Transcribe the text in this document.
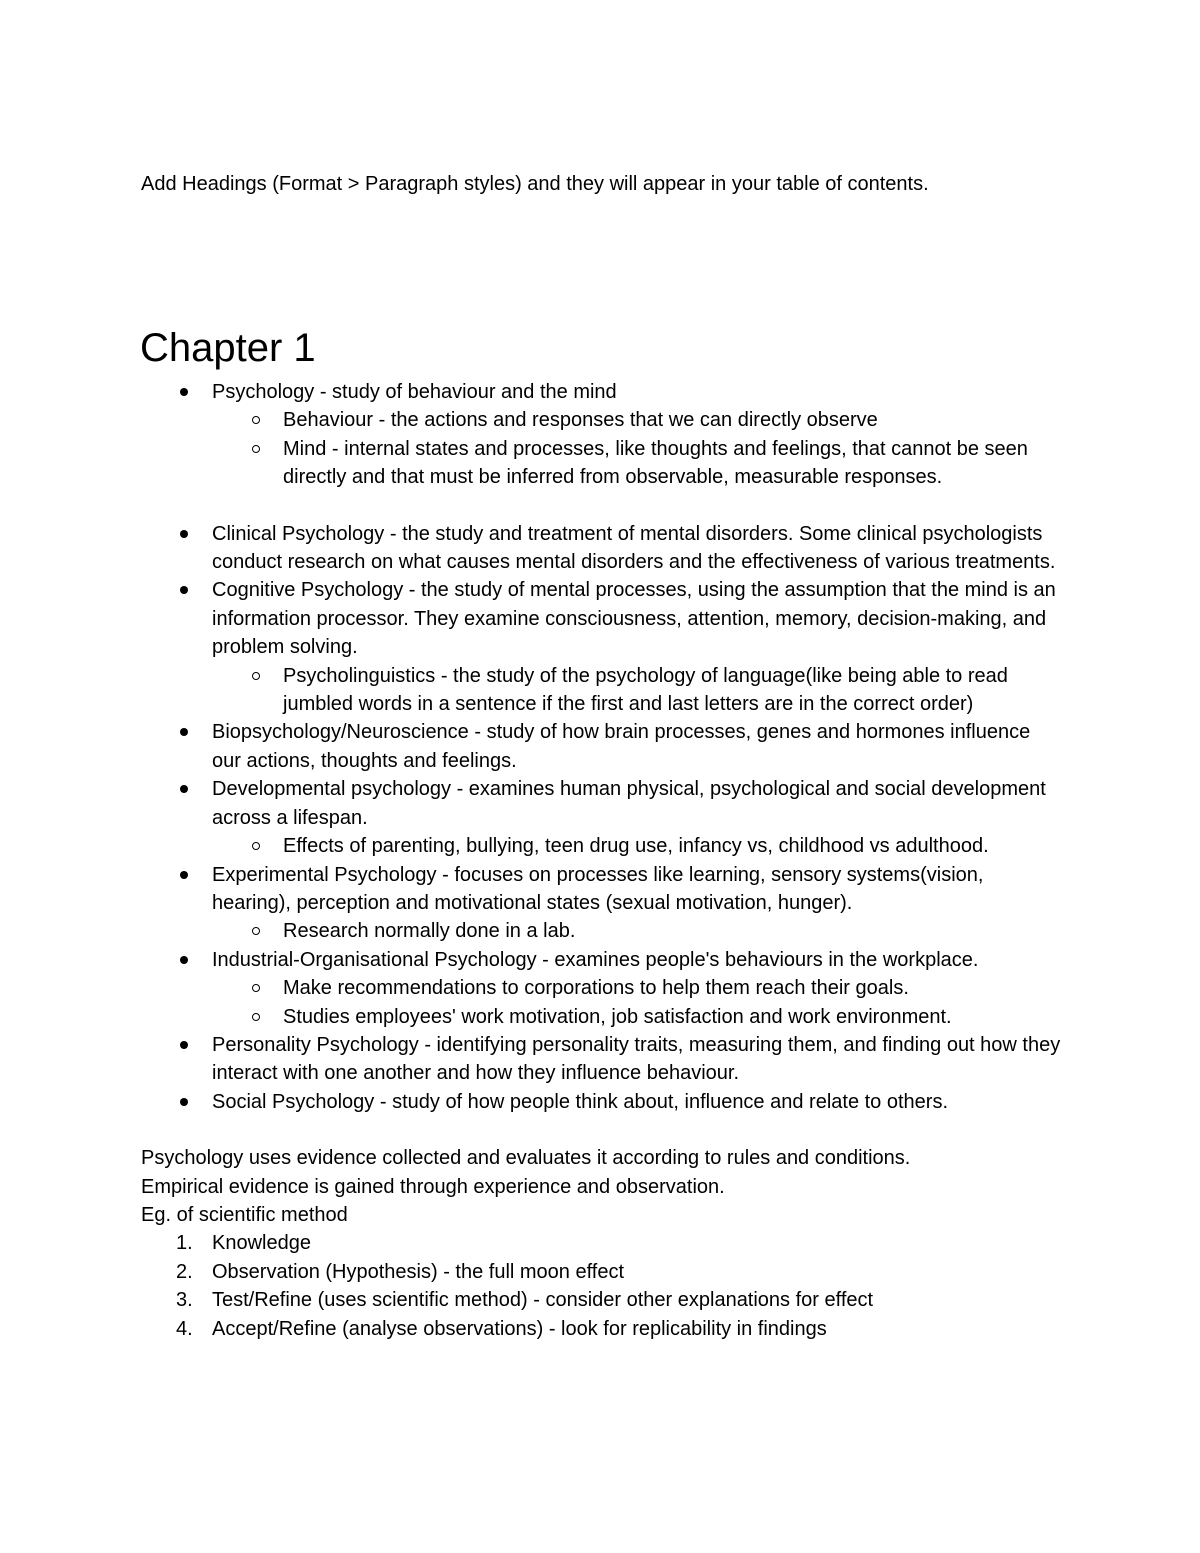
Add Headings (Format > Paragraph styles) and they will appear in your table of contents.
Chapter 1
Psychology - study of behaviour and the mind
Behaviour - the actions and responses that we can directly observe
Mind - internal states and processes, like thoughts and feelings, that cannot be seen directly and that must be inferred from observable, measurable responses.
Clinical Psychology - the study and treatment of mental disorders. Some clinical psychologists conduct research on what causes mental disorders and the effectiveness of various treatments.
Cognitive Psychology - the study of mental processes, using the assumption that the mind is an information processor. They examine consciousness, attention, memory, decision-making, and problem solving.
Psycholinguistics - the study of the psychology of language(like being able to read jumbled words in a sentence if the first and last letters are in the correct order)
Biopsychology/Neuroscience - study of how brain processes, genes and hormones influence our actions, thoughts and feelings.
Developmental psychology - examines human physical, psychological and social development across a lifespan.
Effects of parenting, bullying, teen drug use, infancy vs, childhood vs adulthood.
Experimental Psychology - focuses on processes like learning, sensory systems(vision, hearing), perception and motivational states (sexual motivation, hunger).
Research normally done in a lab.
Industrial-Organisational Psychology - examines people's behaviours in the workplace.
Make recommendations to corporations to help them reach their goals.
Studies employees' work motivation, job satisfaction and work environment.
Personality Psychology - identifying personality traits, measuring them, and finding out how they interact with one another and how they influence behaviour.
Social Psychology - study of how people think about, influence and relate to others.

Psychology uses evidence collected and evaluates it according to rules and conditions.

Empirical evidence is gained through experience and observation.

Eg. of scientific method

1. Knowledge
2. Observation (Hypothesis) - the full moon effect
3. Test/Refine (uses scientific method) - consider other explanations for effect
4. Accept/Refine (analyse observations) - look for replicability in findings
